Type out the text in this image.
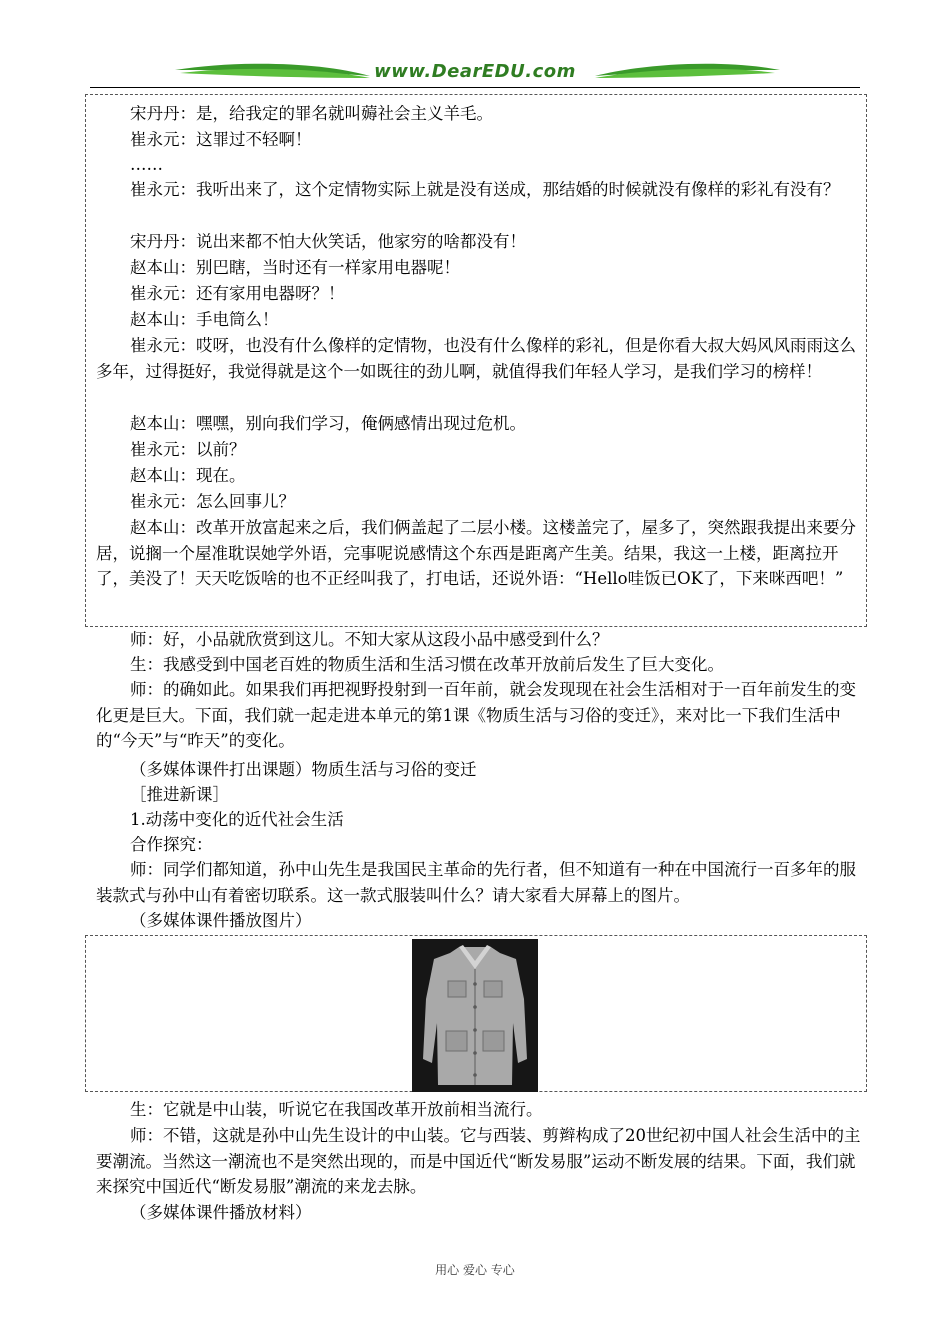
www.DearEDU.com

宋丹丹：是，给我定的罪名就叫薅社会主义羊毛。

崔永元：这罪过不轻啊！

……

崔永元：我听出来了，这个定情物实际上就是没有送成，那结婚的时候就没有像样的彩礼有没有？

宋丹丹：说出来都不怕大伙笑话，他家穷的啥都没有！

赵本山：别巴瞎，当时还有一样家用电器呢！

崔永元：还有家用电器呀？！

赵本山：手电筒么！

崔永元：哎呀，也没有什么像样的定情物，也没有什么像样的彩礼，但是你看大叔大妈风风雨雨这么多年，过得挺好，我觉得就是这个一如既往的劲儿啊，就值得我们年轻人学习，是我们学习的榜样！

赵本山：嘿嘿，别向我们学习，俺俩感情出现过危机。

崔永元：以前？

赵本山：现在。

崔永元：怎么回事儿？

赵本山：改革开放富起来之后，我们俩盖起了二层小楼。这楼盖完了，屋多了，突然跟我提出来要分居，说搁一个屋准耽误她学外语，完事呢说感情这个东西是距离产生美。结果，我这一上楼，距离拉开了，美没了！天天吃饭啥的也不正经叫我了，打电话，还说外语：“Hello哇饭已OK了，下来咪西吧！”

师：好，小品就欣赏到这儿。不知大家从这段小品中感受到什么？

生：我感受到中国老百姓的物质生活和生活习惯在改革开放前后发生了巨大变化。

师：的确如此。如果我们再把视野投射到一百年前，就会发现现在社会生活相对于一百年前发生的变化更是巨大。下面，我们就一起走进本单元的第1课《物质生活与习俗的变迁》，来对比一下我们生活中的“今天”与“昨天”的变化。

（多媒体课件打出课题）物质生活与习俗的变迁

［推进新课］

1.动荡中变化的近代社会生活

合作探究：

师：同学们都知道，孙中山先生是我国民主革命的先行者，但不知道有一种在中国流行一百多年的服装款式与孙中山有着密切联系。这一款式服装叫什么？请大家看大屏幕上的图片。

（多媒体课件播放图片）

生：它就是中山装，听说它在我国改革开放前相当流行。

师：不错，这就是孙中山先生设计的中山装。它与西装、剪辫构成了20世纪初中国人社会生活中的主要潮流。当然这一潮流也不是突然出现的，而是中国近代“断发易服”运动不断发展的结果。下面，我们就来探究中国近代“断发易服”潮流的来龙去脉。

（多媒体课件播放材料）

用心 爱心 专心
